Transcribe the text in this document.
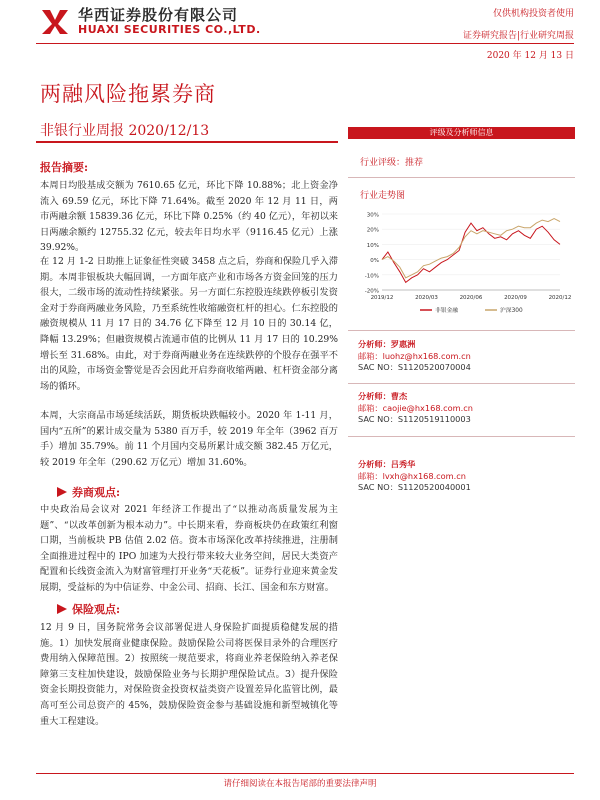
华西证券股份有限公司
HUAXI SECURITIES CO.,LTD.
仅供机构投资者使用
证券研究报告|行业研究周报
2020 年 12 月 13 日
两融风险拖累券商
非银行业周报 2020/12/13
报告摘要:
本周日均股基成交额为 7610.65 亿元，环比下降 10.88%；北上资金净流入 69.59 亿元，环比下降 71.64%。截至 2020 年 12 月 11 日，两市两融余额 15839.36 亿元，环比下降 0.25%（约 40 亿元），年初以来日两融余额约 12755.32 亿元，较去年日均水平（9116.45 亿元）上涨 39.92%。
在 12 月 1-2 日助推上证象征性突破 3458 点之后，券商和保险几乎入滞期。本周非银板块大幅回调，一方面年底产业和市场各方资金回笼的压力很大，二级市场的流动性持续紧张。另一方面仁东控股连续跌停板引发资金对于券商两融业务风险，乃至系统性收缩融资杠杆的担心。仁东控股的融资规模从 11 月 17 日的 34.76 亿下降至 12 月 10 日的 30.14 亿，降幅 13.29%；但融资规模占流通市值的比例从 11 月 17 日的 10.29% 增长至 31.68%。由此，对于券商两融业务在连续跌停的个股存在强平不出的风险，市场资金警觉是否会因此开启券商收缩两融、杠杆资金部分离场的循环。
本周，大宗商品市场延续活跃，期货板块跌幅较小。2020 年 1-11 月，国内“五所”的累计成交量为 5380 百万手，较 2019 年全年（3962 百万手）增加 35.79%。前 11 个月国内交易所累计成交额 382.45 万亿元，较 2019 年全年（290.62 万亿元）增加 31.60%。
券商观点:
中央政治局会议对 2021 年经济工作提出了“以推动高质量发展为主题”、“以改革创新为根本动力”。中长期来看，券商板块仍在政策红利窗口期，当前板块 PB 估值 2.02 倍。资本市场深化改革持续推进，注册制全面推进过程中的 IPO 加速为大投行带来较大业务空间，居民大类资产配置和长线资金流入为财富管理打开业务“天花板”。证券行业迎来黄金发展期，受益标的为中信证券、中金公司、招商、长江、国金和东方财富。
保险观点:
12 月 9 日，国务院常务会议部署促进人身保险扩面提质稳健发展的措施。1）加快发展商业健康保险。鼓励保险公司将医保目录外的合理医疗费用纳入保障范围。2）按照统一规范要求，将商业养老保险纳入养老保障第三支柱加快建设，鼓励保险业务与长期护理保险试点。3）提升保险资金长期投资能力，对保险资金投资权益类资产设置差异化监管比例，最高可至公司总资产的 45%，鼓励保险资金参与基础设施和新型城镇化等重大工程建设。
评级及分析师信息
行业评级：推荐
行业走势图
30%
20%
10%
0%
-10%
-20%
2019/12	2020/03	2020/06	2020/09	2020/12
非银金融	沪深300
分析师：罗惠洲
邮箱：luohz@hx168.com.cn
SAC NO：S1120520070004
分析师：曹杰
邮箱：caojie@hx168.com.cn
SAC NO：S1120519110003
分析师：吕秀华
邮箱：lvxh@hx168.com.cn
SAC NO：S1120520040001
请仔细阅读在本报告尾部的重要法律声明
